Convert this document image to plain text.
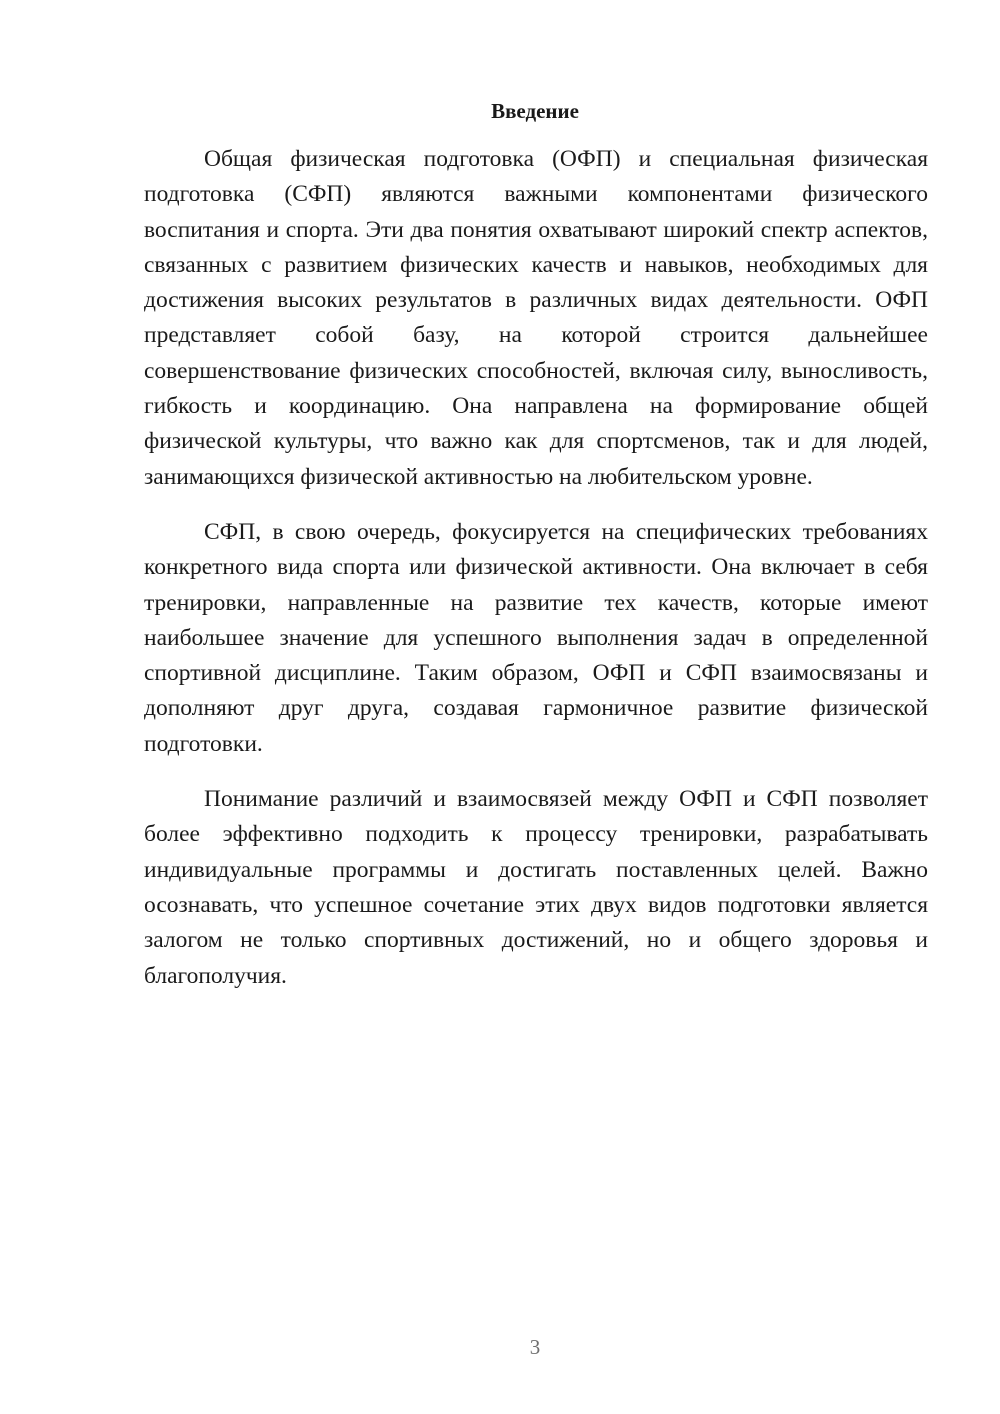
Введение

Общая физическая подготовка (ОФП) и специальная физическая подготовка (СФП) являются важными компонентами физического воспитания и спорта. Эти два понятия охватывают широкий спектр аспектов, связанных с развитием физических качеств и навыков, необходимых для достижения высоких результатов в различных видах деятельности. ОФП представляет собой базу, на которой строится дальнейшее совершенствование физических способностей, включая силу, выносливость, гибкость и координацию. Она направлена на формирование общей физической культуры, что важно как для спортсменов, так и для людей, занимающихся физической активностью на любительском уровне.

СФП, в свою очередь, фокусируется на специфических требованиях конкретного вида спорта или физической активности. Она включает в себя тренировки, направленные на развитие тех качеств, которые имеют наибольшее значение для успешного выполнения задач в определенной спортивной дисциплине. Таким образом, ОФП и СФП взаимосвязаны и дополняют друг друга, создавая гармоничное развитие физической подготовки.

Понимание различий и взаимосвязей между ОФП и СФП позволяет более эффективно подходить к процессу тренировки, разрабатывать индивидуальные программы и достигать поставленных целей. Важно осознавать, что успешное сочетание этих двух видов подготовки является залогом не только спортивных достижений, но и общего здоровья и благополучия.

3
